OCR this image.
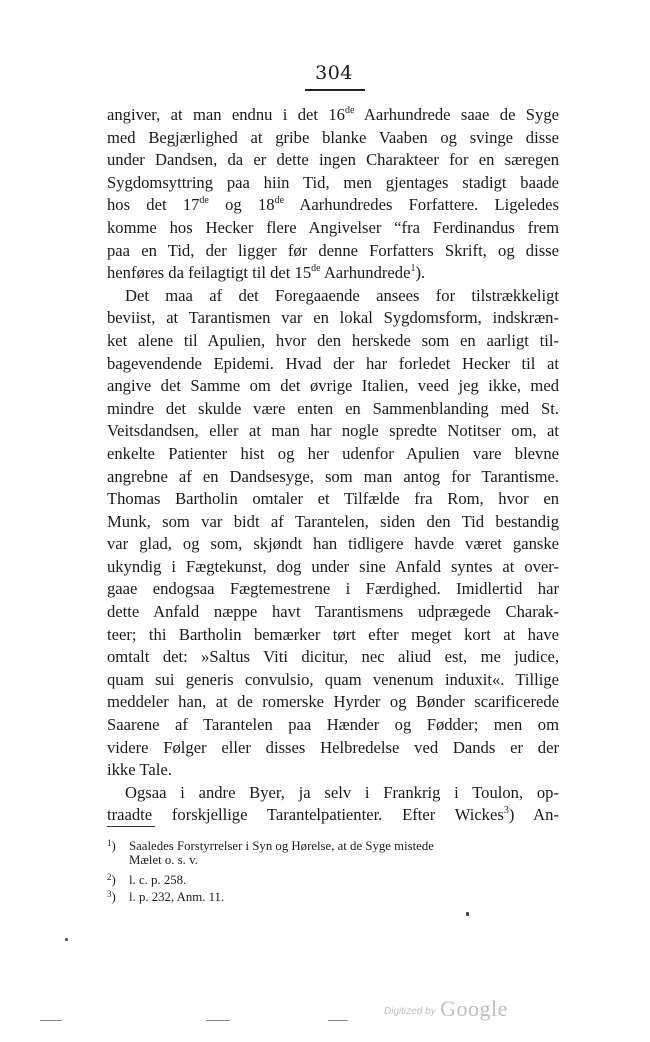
304
angiver, at man endnu i det 16de Aarhundrede saae de Syge
med Begjærlighed at gribe blanke Vaaben og svinge disse
under Dandsen, da er dette ingen Charakteer for en særegen
Sygdomsyttring paa hiin Tid, men gjentages stadigt baade
hos det 17de og 18de Aarhundredes Forfattere. Ligeledes
komme hos Hecker flere Angivelser “fra Ferdinandus frem
paa en Tid, der ligger før denne Forfatters Skrift, og disse
henføres da feilagtigt til det 15de Aarhundrede$^1$).
Det maa af det Foregaaende ansees for tilstrækkeligt
beviist, at Tarantismen var en lokal Sygdomsform, indskræn-
ket alene til Apulien, hvor den herskede som en aarligt til-
bagevendende Epidemi. Hvad der har forledet Hecker til at
angive det Samme om det øvrige Italien, veed jeg ikke, med
mindre det skulde være enten en Sammenblanding med St.
Veitsdandsen, eller at man har nogle spredte Notitser om, at
enkelte Patienter hist og her udenfor Apulien vare blevne
angrebne af en Dandsesyge, som man antog for Tarantisme.
Thomas Bartholin omtaler et Tilfælde fra Rom, hvor en
Munk, som var bidt af Tarantelen, siden den Tid bestandig
var glad, og som, skjøndt han tidligere havde været ganske
ukyndig i Fægtekunst, dog under sine Anfald syntes at over-
gaae endogsaa Fægtemestrene i Færdighed. Imidlertid har
dette Anfald næppe havt Tarantismens udprægede Charak-
teer; thi Bartholin bemærker tørt efter meget kort at have
omtalt det: »Saltus Viti dicitur, nec aliud est, me judice,
quam sui generis convulsio, quam venenum induxit«. Tillige
meddeler han, at de romerske Hyrder og Bønder scarificerede
Saarene af Tarantelen paa Hænder og Fødder; men om
videre Følger eller disses Helbredelse ved Dands er der
ikke Tale.
Ogsaa i andre Byer, ja selv i Frankrig i Toulon, op-
traadte forskjellige Tarantelpatienter. Efter Wickes$^3$) An-
$^1$) Saaledes Forstyrrelser i Syn og Hørelse, at de Syge mistede
Mælet o. s. v.
$^2$) l. c. p. 258.
$^3$) l. p. 232, Anm. 11.
Digitized by Google
